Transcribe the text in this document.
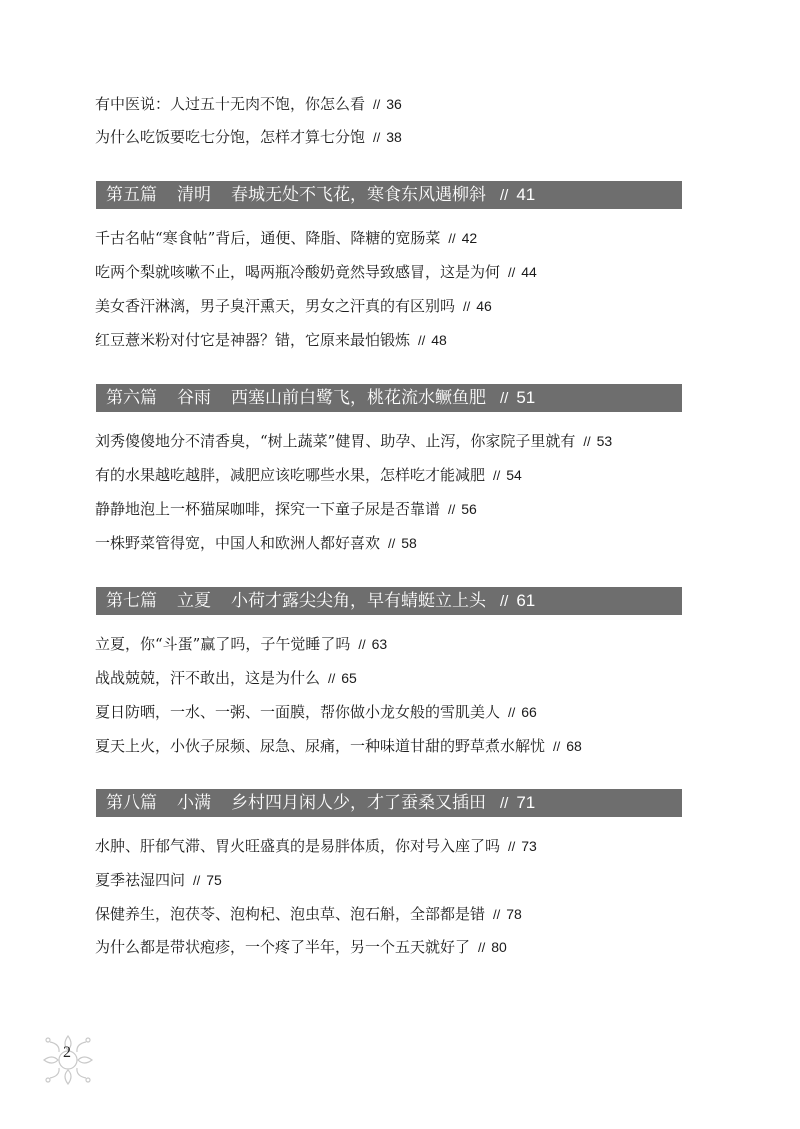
有中医说：人过五十无肉不饱，你怎么看 // 36
为什么吃饭要吃七分饱，怎样才算七分饱 // 38
第五篇 清明 春城无处不飞花，寒食东风遇柳斜 // 41
千古名帖“寒食帖”背后，通便、降脂、降糖的宽肠菜 // 42
吃两个梨就咳嗽不止，喝两瓶冷酸奶竟然导致感冒，这是为何 // 44
美女香汗淋漓，男子臭汗熏天，男女之汗真的有区别吗 // 46
红豆薏米粉对付它是神器？错，它原来最怕锻炼 // 48
第六篇 谷雨 西塞山前白鹭飞，桃花流水鳜鱼肥 // 51
刘秀傻傻地分不清香臭，“树上蔬菜”健胃、助孕、止泻，你家院子里就有 // 53
有的水果越吃越胖，减肥应该吃哪些水果，怎样吃才能减肥 // 54
静静地泡上一杯猫屎咖啡，探究一下童子尿是否靠谱 // 56
一株野菜管得宽，中国人和欧洲人都好喜欢 // 58
第七篇 立夏 小荷才露尖尖角，早有蜻蜓立上头 // 61
立夏，你“斗蛋”赢了吗，子午觉睡了吗 // 63
战战兢兢，汗不敢出，这是为什么 // 65
夏日防晒，一水、一粥、一面膜，帮你做小龙女般的雪肌美人 // 66
夏天上火，小伙子尿频、尿急、尿痛，一种味道甘甜的野草煮水解忧 // 68
第八篇 小满 乡村四月闲人少，才了蚕桑又插田 // 71
水肿、肝郁气滞、胃火旺盛真的是易胖体质，你对号入座了吗 // 73
夏季祛湿四问 // 75
保健养生，泡茯苓、泡枸杞、泡虫草、泡石斛，全部都是错 // 78
为什么都是带状疱疹，一个疼了半年，另一个五天就好了 // 80
2
